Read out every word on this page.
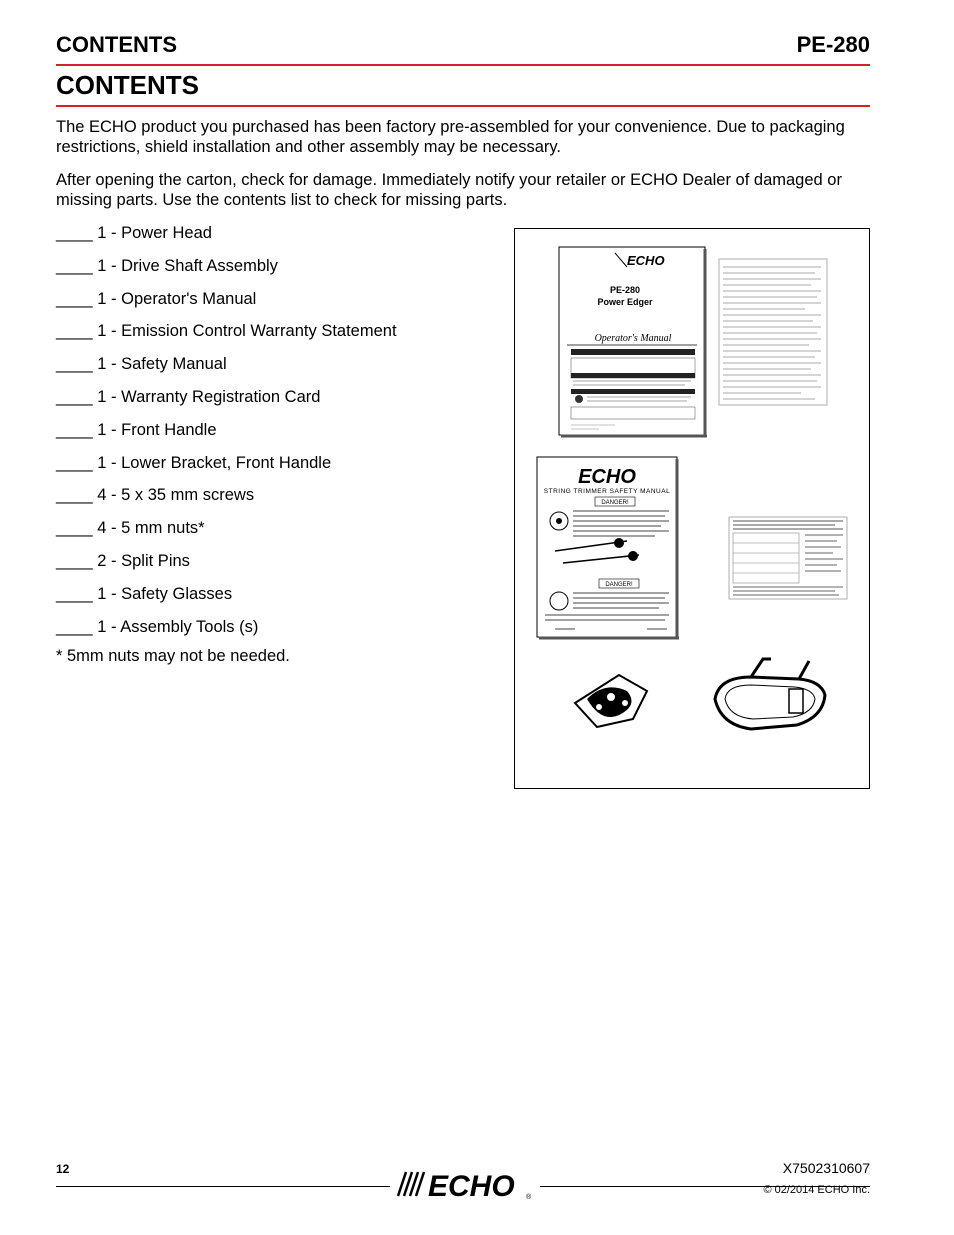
CONTENTS	PE-280
CONTENTS

The ECHO product you purchased has been factory pre-assembled for your convenience. Due to packaging restrictions, shield installation and other assembly may be necessary.

After opening the carton, check for damage. Immediately notify your retailer or ECHO Dealer of damaged or missing parts. Use the contents list to check for missing parts.

____ 1 - Power Head
____ 1 - Drive Shaft Assembly
____ 1 - Operator's Manual
____ 1 - Emission Control Warranty Statement
____ 1 - Safety Manual
____ 1 - Warranty Registration Card
____ 1 - Front Handle
____ 1 - Lower Bracket, Front Handle
____ 4 - 5 x 35 mm screws
____ 4 - 5 mm nuts*
____ 2 - Split Pins
____ 1 - Safety Glasses
____ 1 - Assembly Tools (s)
* 5mm nuts may not be needed.
ECHO
PE-280
Power Edger
Operator's Manual
ECHO
STRING TRIMMER SAFETY MANUAL
DANGER!
DANGER!
12
ECHO ®
X7502310607
© 02/2014 ECHO Inc.
